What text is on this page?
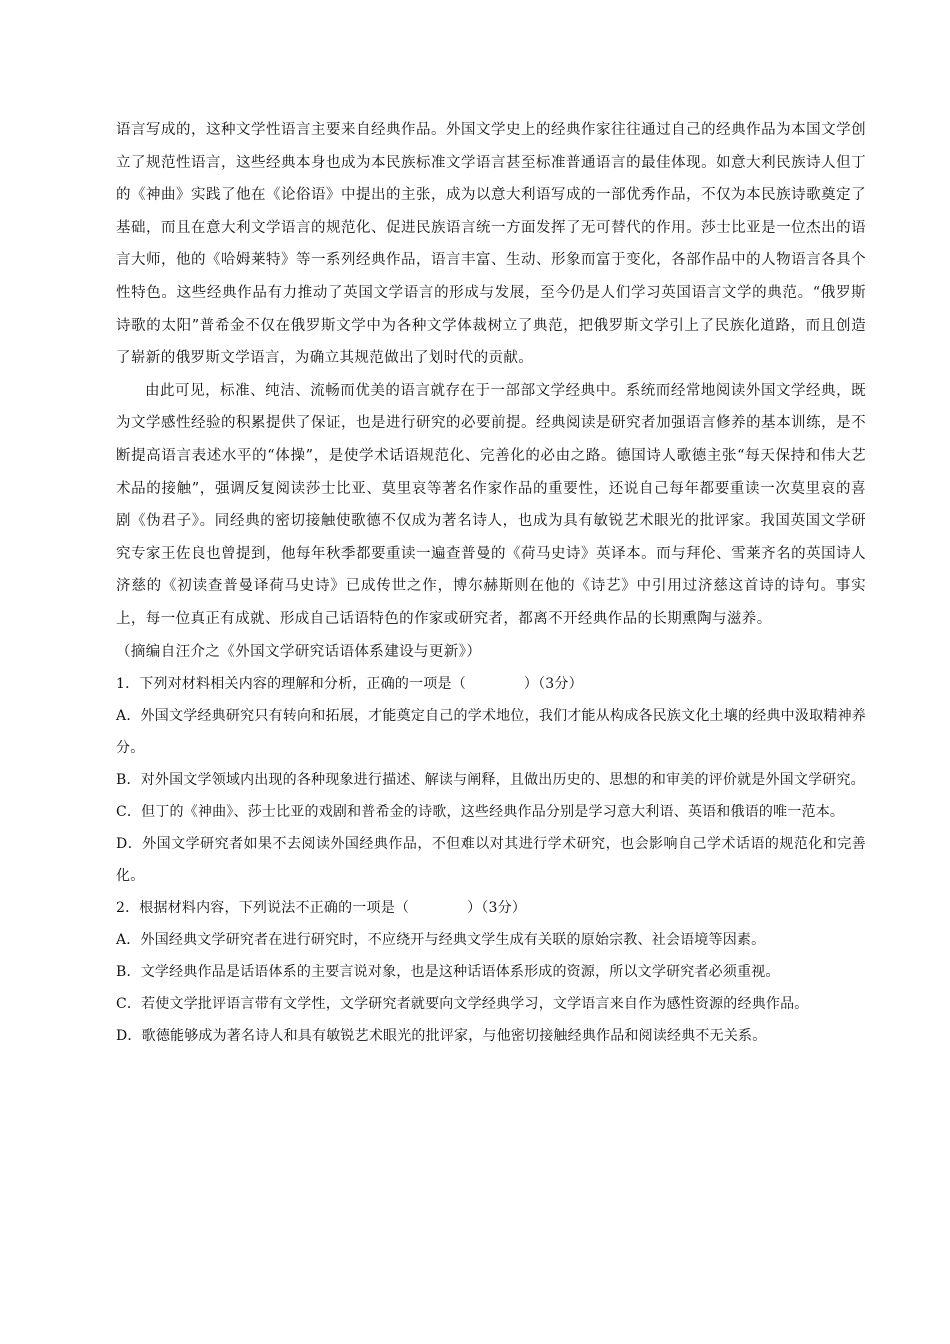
语言写成的，这种文学性语言主要来自经典作品。外国文学史上的经典作家往往通过自己的经典作品为本国文学创立了规范性语言，这些经典本身也成为本民族标准文学语言甚至标准普通语言的最佳体现。如意大利民族诗人但丁的《神曲》实践了他在《论俗语》中提出的主张，成为以意大利语写成的一部优秀作品，不仅为本民族诗歌奠定了基础，而且在意大利文学语言的规范化、促进民族语言统一方面发挥了无可替代的作用。莎士比亚是一位杰出的语言大师，他的《哈姆莱特》等一系列经典作品，语言丰富、生动、形象而富于变化，各部作品中的人物语言各具个性特色。这些经典作品有力推动了英国文学语言的形成与发展，至今仍是人们学习英国语言文学的典范。“俄罗斯诗歌的太阳”普希金不仅在俄罗斯文学中为各种文学体裁树立了典范，把俄罗斯文学引上了民族化道路，而且创造了崭新的俄罗斯文学语言，为确立其规范做出了划时代的贡献。

由此可见，标准、纯洁、流畅而优美的语言就存在于一部部文学经典中。系统而经常地阅读外国文学经典，既为文学感性经验的积累提供了保证，也是进行研究的必要前提。经典阅读是研究者加强语言修养的基本训练，是不断提高语言表述水平的“体操”，是使学术话语规范化、完善化的必由之路。德国诗人歌德主张“每天保持和伟大艺术品的接触”，强调反复阅读莎士比亚、莫里哀等著名作家作品的重要性，还说自己每年都要重读一次莫里哀的喜剧《伪君子》。同经典的密切接触使歌德不仅成为著名诗人，也成为具有敏锐艺术眼光的批评家。我国英国文学研究专家王佐良也曾提到，他每年秋季都要重读一遍查普曼的《荷马史诗》英译本。而与拜伦、雪莱齐名的英国诗人济慈的《初读查普曼译荷马史诗》已成传世之作，博尔赫斯则在他的《诗艺》中引用过济慈这首诗的诗句。事实上，每一位真正有成就、形成自己话语特色的作家或研究者，都离不开经典作品的长期熏陶与滋养。

（摘编自汪介之《外国文学研究话语体系建设与更新》）

1．下列对材料相关内容的理解和分析，正确的一项是（	）（3分）

A．外国文学经典研究只有转向和拓展，才能奠定自己的学术地位，我们才能从构成各民族文化土壤的经典中汲取精神养分。

B．对外国文学领域内出现的各种现象进行描述、解读与阐释，且做出历史的、思想的和审美的评价就是外国文学研究。

C．但丁的《神曲》、莎士比亚的戏剧和普希金的诗歌，这些经典作品分别是学习意大利语、英语和俄语的唯一范本。

D．外国文学研究者如果不去阅读外国经典作品，不但难以对其进行学术研究，也会影响自己学术话语的规范化和完善化。

2．根据材料内容，下列说法不正确的一项是（	）（3分）

A．外国经典文学研究者在进行研究时，不应绕开与经典文学生成有关联的原始宗教、社会语境等因素。

B．文学经典作品是话语体系的主要言说对象，也是这种话语体系形成的资源，所以文学研究者必须重视。

C．若使文学批评语言带有文学性，文学研究者就要向文学经典学习，文学语言来自作为感性资源的经典作品。

D．歌德能够成为著名诗人和具有敏锐艺术眼光的批评家，与他密切接触经典作品和阅读经典不无关系。
